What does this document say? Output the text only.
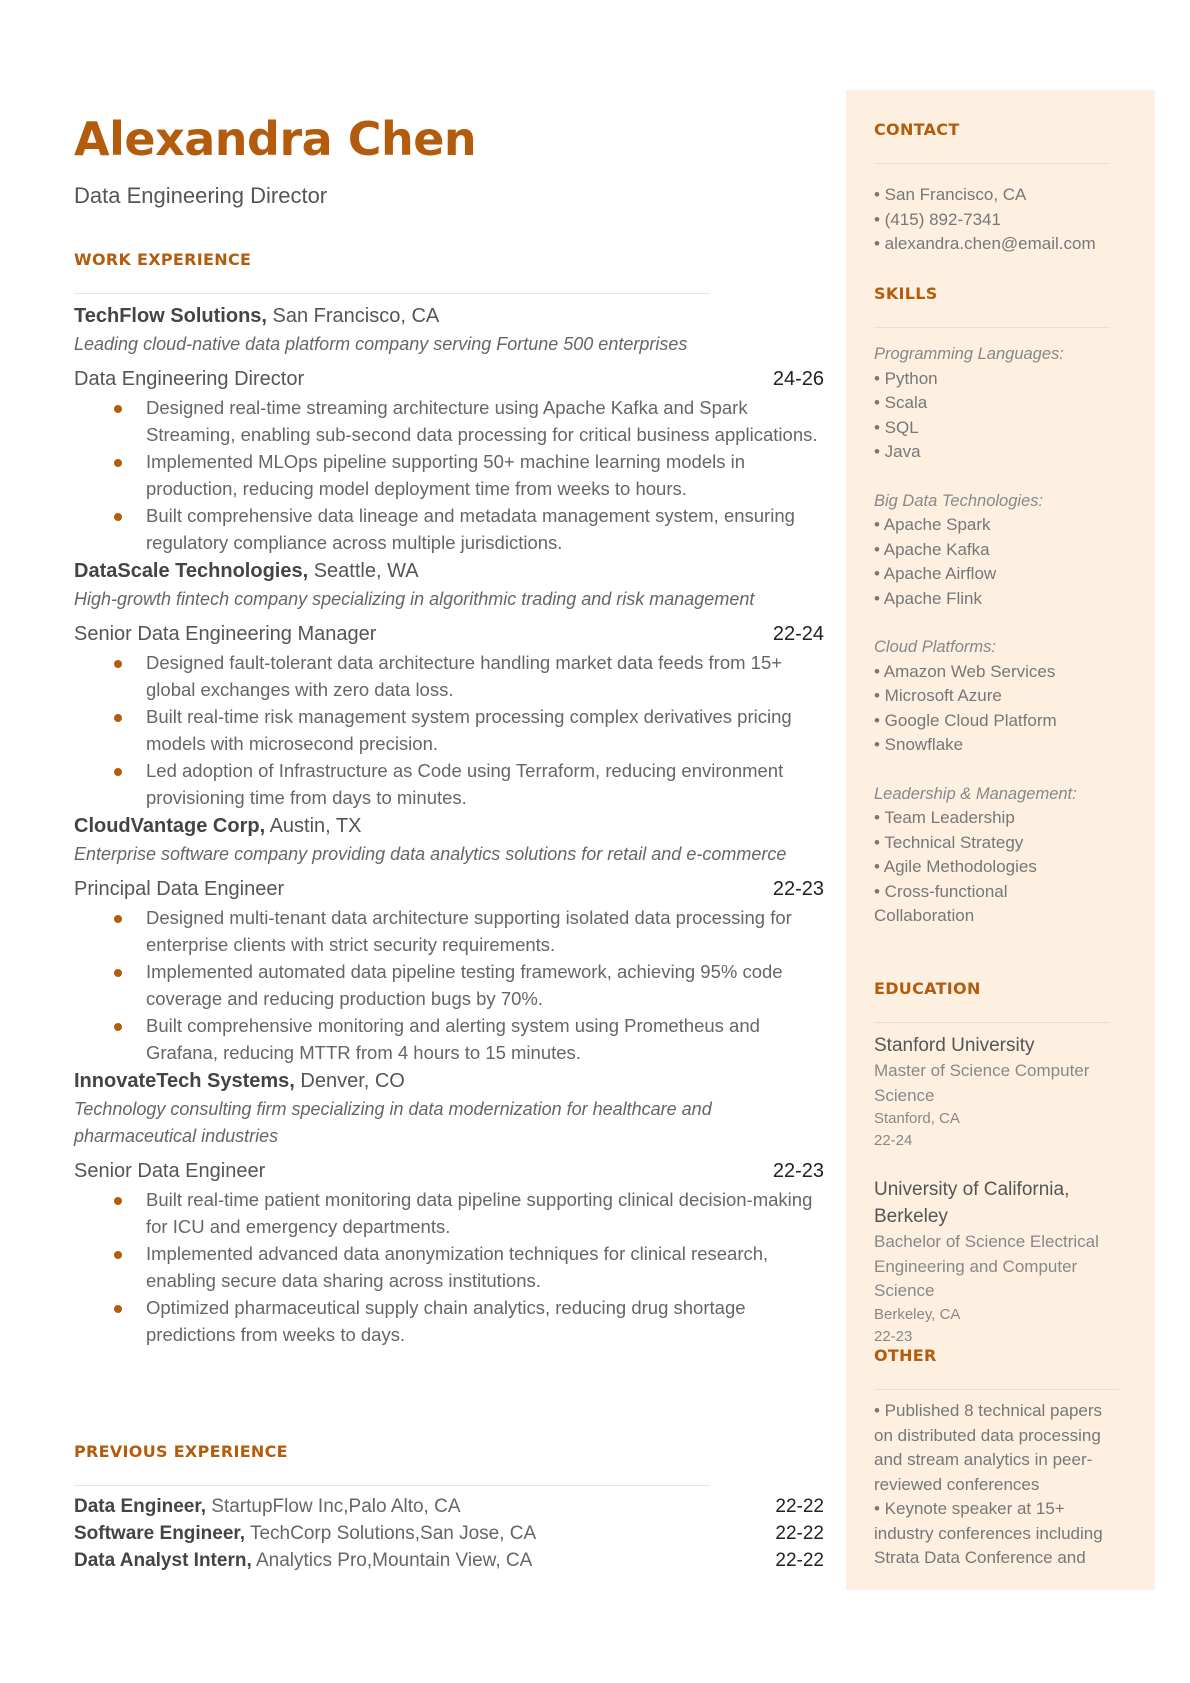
Alexandra Chen
Data Engineering Director
WORK EXPERIENCE
TechFlow Solutions, San Francisco, CA
Leading cloud-native data platform company serving Fortune 500 enterprises
Data Engineering Director	24-26
Designed real-time streaming architecture using Apache Kafka and Spark Streaming, enabling sub-second data processing for critical business applications.
Implemented MLOps pipeline supporting 50+ machine learning models in production, reducing model deployment time from weeks to hours.
Built comprehensive data lineage and metadata management system, ensuring regulatory compliance across multiple jurisdictions.
DataScale Technologies, Seattle, WA
High-growth fintech company specializing in algorithmic trading and risk management
Senior Data Engineering Manager	22-24
Designed fault-tolerant data architecture handling market data feeds from 15+ global exchanges with zero data loss.
Built real-time risk management system processing complex derivatives pricing models with microsecond precision.
Led adoption of Infrastructure as Code using Terraform, reducing environment provisioning time from days to minutes.
CloudVantage Corp, Austin, TX
Enterprise software company providing data analytics solutions for retail and e-commerce
Principal Data Engineer	22-23
Designed multi-tenant data architecture supporting isolated data processing for enterprise clients with strict security requirements.
Implemented automated data pipeline testing framework, achieving 95% code coverage and reducing production bugs by 70%.
Built comprehensive monitoring and alerting system using Prometheus and Grafana, reducing MTTR from 4 hours to 15 minutes.
InnovateTech Systems, Denver, CO
Technology consulting firm specializing in data modernization for healthcare and pharmaceutical industries
Senior Data Engineer	22-23
Built real-time patient monitoring data pipeline supporting clinical decision-making for ICU and emergency departments.
Implemented advanced data anonymization techniques for clinical research, enabling secure data sharing across institutions.
Optimized pharmaceutical supply chain analytics, reducing drug shortage predictions from weeks to days.
PREVIOUS EXPERIENCE
Data Engineer, StartupFlow Inc,Palo Alto, CA	22-22
Software Engineer, TechCorp Solutions,San Jose, CA	22-22
Data Analyst Intern, Analytics Pro,Mountain View, CA	22-22
CONTACT
• San Francisco, CA
• (415) 892-7341
• alexandra.chen@email.com
SKILLS
Programming Languages:
• Python
• Scala
• SQL
• Java
Big Data Technologies:
• Apache Spark
• Apache Kafka
• Apache Airflow
• Apache Flink
Cloud Platforms:
• Amazon Web Services
• Microsoft Azure
• Google Cloud Platform
• Snowflake
Leadership & Management:
• Team Leadership
• Technical Strategy
• Agile Methodologies
• Cross-functional Collaboration
EDUCATION
Stanford University
Master of Science Computer Science
Stanford, CA
22-24
University of California, Berkeley
Bachelor of Science Electrical Engineering and Computer Science
Berkeley, CA
22-23
OTHER
• Published 8 technical papers on distributed data processing and stream analytics in peer-reviewed conferences
• Keynote speaker at 15+ industry conferences including Strata Data Conference and
